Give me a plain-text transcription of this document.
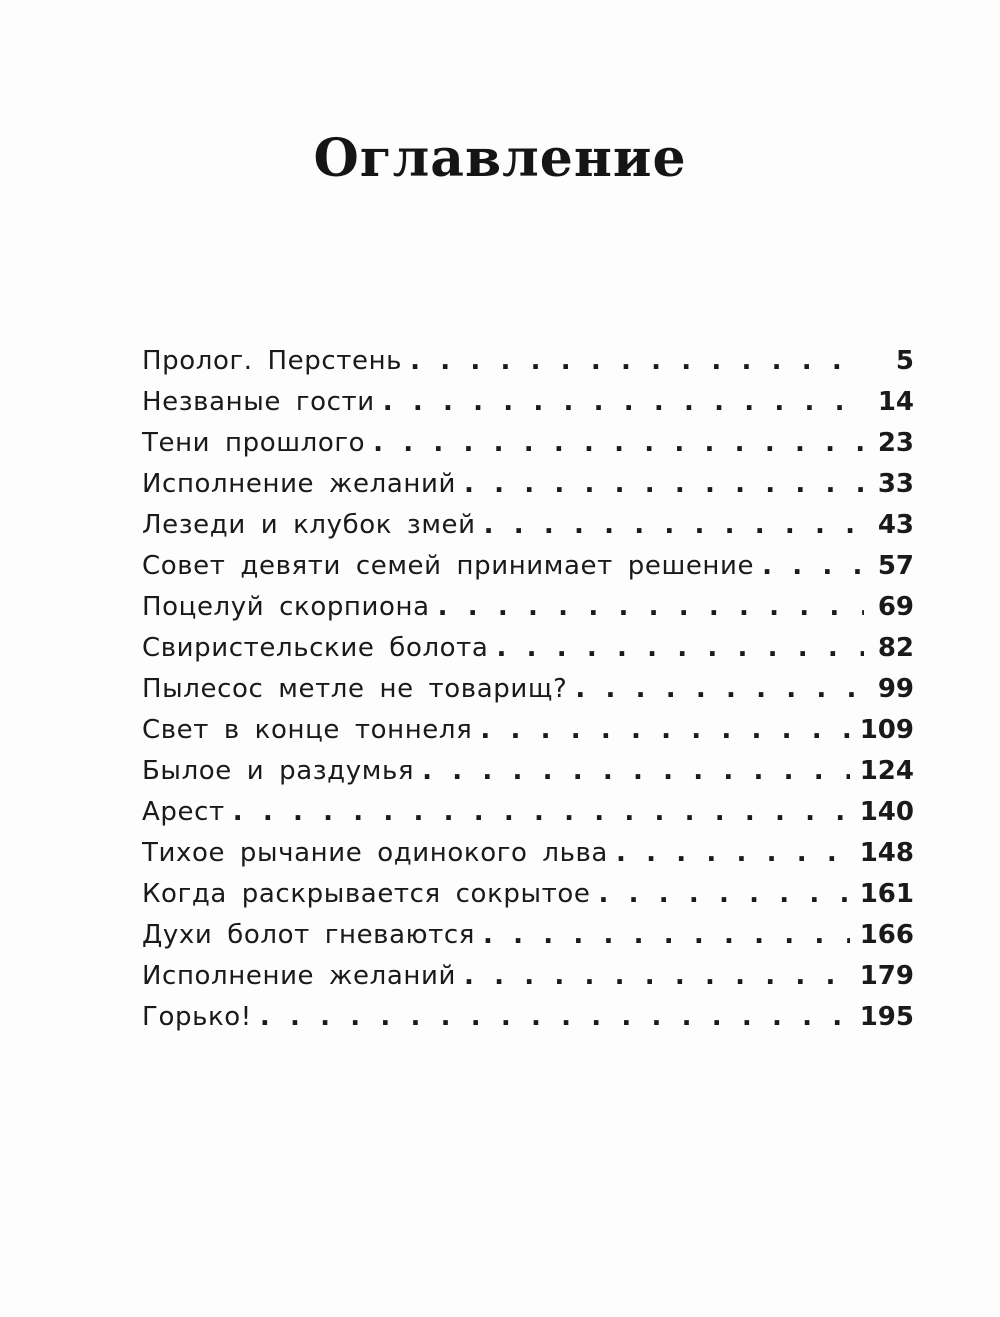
Оглавление
Пролог. Перстень . . .	5
Незваные гости . . .	14
Тени прошлого . . .	23
Исполнение желаний . . .	33
Лезеди и клубок змей . . .	43
Совет девяти семей принимает решение . . .	57
Поцелуй скорпиона . . .	69
Свиристельские болота . . .	82
Пылесос метле не товарищ? . . .	99
Свет в конце тоннеля . . .	109
Былое и раздумья . . .	124
Арест . . .	140
Тихое рычание одинокого льва . . .	148
Когда раскрывается сокрытое . . .	161
Духи болот гневаются . . .	166
Исполнение желаний . . .	179
Горько! . . .	195
